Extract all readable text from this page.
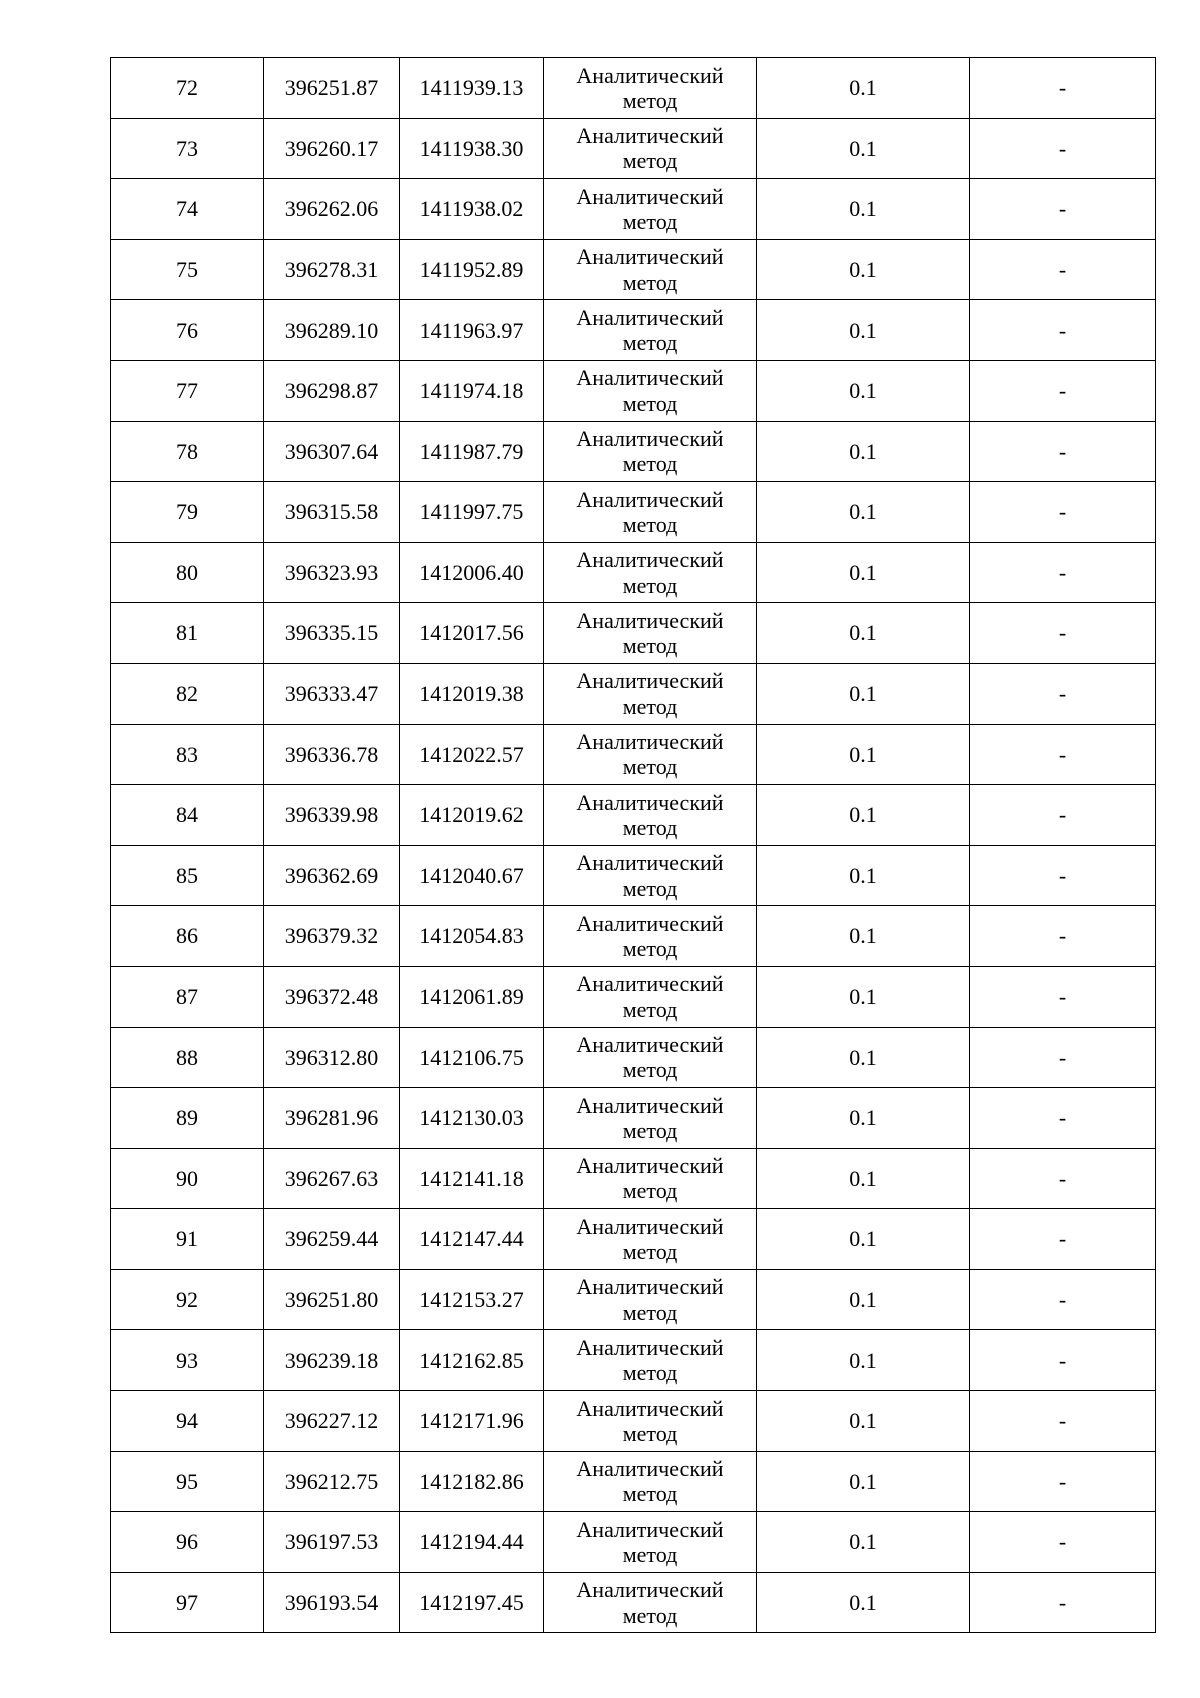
72	396251.87	1411939.13	Аналитический
метод	0.1	-
73	396260.17	1411938.30	Аналитический
метод	0.1	-
74	396262.06	1411938.02	Аналитический
метод	0.1	-
75	396278.31	1411952.89	Аналитический
метод	0.1	-
76	396289.10	1411963.97	Аналитический
метод	0.1	-
77	396298.87	1411974.18	Аналитический
метод	0.1	-
78	396307.64	1411987.79	Аналитический
метод	0.1	-
79	396315.58	1411997.75	Аналитический
метод	0.1	-
80	396323.93	1412006.40	Аналитический
метод	0.1	-
81	396335.15	1412017.56	Аналитический
метод	0.1	-
82	396333.47	1412019.38	Аналитический
метод	0.1	-
83	396336.78	1412022.57	Аналитический
метод	0.1	-
84	396339.98	1412019.62	Аналитический
метод	0.1	-
85	396362.69	1412040.67	Аналитический
метод	0.1	-
86	396379.32	1412054.83	Аналитический
метод	0.1	-
87	396372.48	1412061.89	Аналитический
метод	0.1	-
88	396312.80	1412106.75	Аналитический
метод	0.1	-
89	396281.96	1412130.03	Аналитический
метод	0.1	-
90	396267.63	1412141.18	Аналитический
метод	0.1	-
91	396259.44	1412147.44	Аналитический
метод	0.1	-
92	396251.80	1412153.27	Аналитический
метод	0.1	-
93	396239.18	1412162.85	Аналитический
метод	0.1	-
94	396227.12	1412171.96	Аналитический
метод	0.1	-
95	396212.75	1412182.86	Аналитический
метод	0.1	-
96	396197.53	1412194.44	Аналитический
метод	0.1	-
97	396193.54	1412197.45	Аналитический
метод	0.1	-
